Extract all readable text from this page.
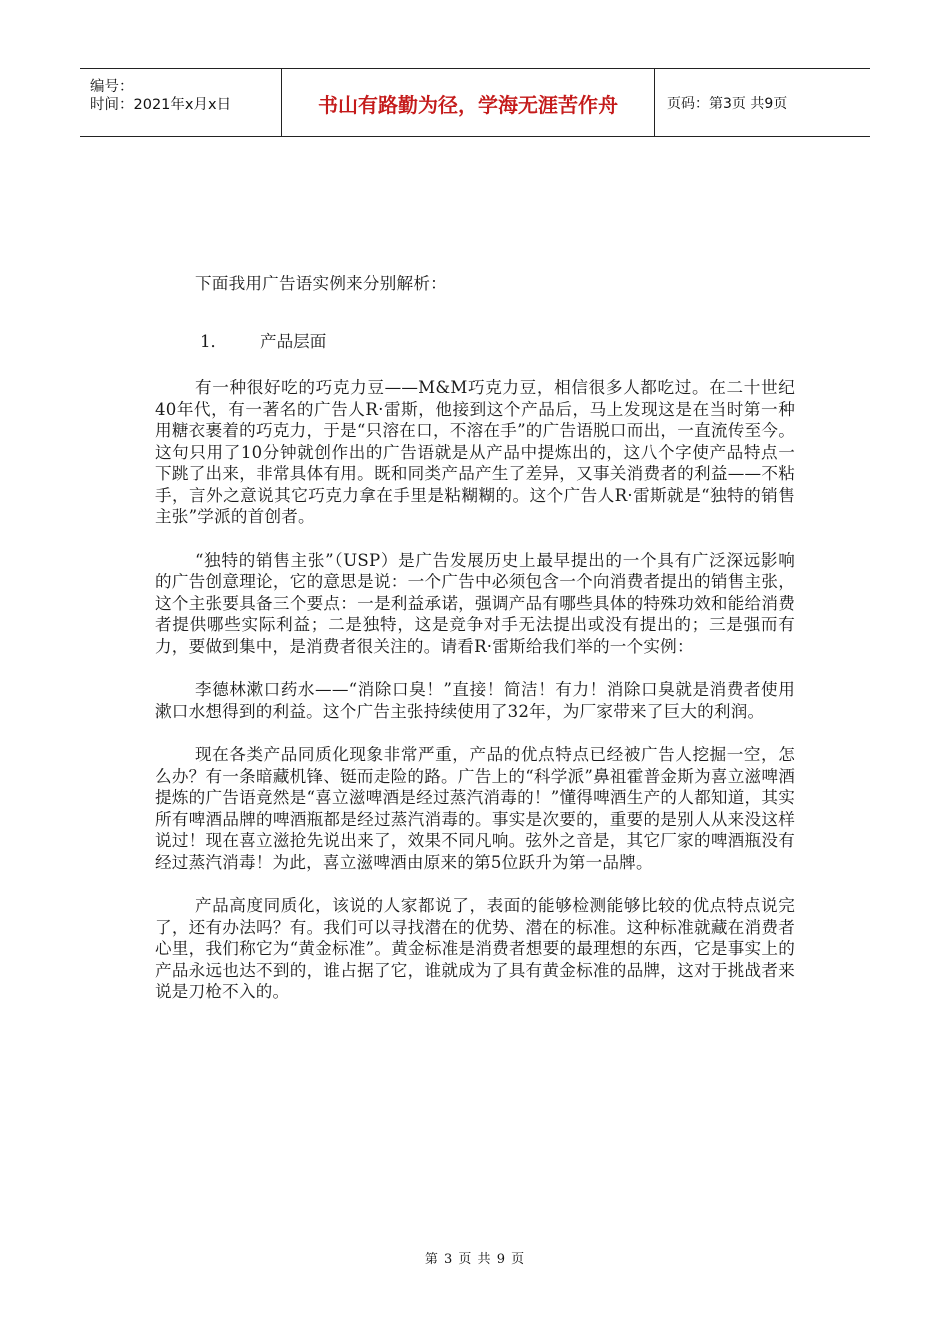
编号：
时间：2021年x月x日	书山有路勤为径，学海无涯苦作舟	页码：第3页 共9页

下面我用广告语实例来分别解析：

1． 产品层面

有一种很好吃的巧克力豆——M&M巧克力豆，相信很多人都吃过。在二十世纪40年代，有一著名的广告人R·雷斯，他接到这个产品后，马上发现这是在当时第一种用糖衣裹着的巧克力，于是“只溶在口，不溶在手”的广告语脱口而出，一直流传至今。这句只用了10分钟就创作出的广告语就是从产品中提炼出的，这八个字使产品特点一下跳了出来，非常具体有用。既和同类产品产生了差异，又事关消费者的利益——不粘手，言外之意说其它巧克力拿在手里是粘糊糊的。这个广告人R·雷斯就是“独特的销售主张”学派的首创者。

“独特的销售主张”（USP）是广告发展历史上最早提出的一个具有广泛深远影响的广告创意理论，它的意思是说：一个广告中必须包含一个向消费者提出的销售主张，这个主张要具备三个要点：一是利益承诺，强调产品有哪些具体的特殊功效和能给消费者提供哪些实际利益；二是独特，这是竞争对手无法提出或没有提出的；三是强而有力，要做到集中，是消费者很关注的。请看R·雷斯给我们举的一个实例：

李德林漱口药水——“消除口臭！”直接！简洁！有力！消除口臭就是消费者使用漱口水想得到的利益。这个广告主张持续使用了32年，为厂家带来了巨大的利润。

现在各类产品同质化现象非常严重，产品的优点特点已经被广告人挖掘一空，怎么办？有一条暗藏机锋、铤而走险的路。广告上的“科学派”鼻祖霍普金斯为喜立滋啤酒提炼的广告语竟然是“喜立滋啤酒是经过蒸汽消毒的！”懂得啤酒生产的人都知道，其实所有啤酒品牌的啤酒瓶都是经过蒸汽消毒的。事实是次要的，重要的是别人从来没这样说过！现在喜立滋抢先说出来了，效果不同凡响。弦外之音是，其它厂家的啤酒瓶没有经过蒸汽消毒！为此，喜立滋啤酒由原来的第5位跃升为第一品牌。

产品高度同质化，该说的人家都说了，表面的能够检测能够比较的优点特点说完了，还有办法吗？有。我们可以寻找潜在的优势、潜在的标准。这种标准就藏在消费者心里，我们称它为“黄金标准”。黄金标准是消费者想要的最理想的东西，它是事实上的产品永远也达不到的，谁占据了它，谁就成为了具有黄金标准的品牌，这对于挑战者来说是刀枪不入的。

第 3 页 共 9 页
